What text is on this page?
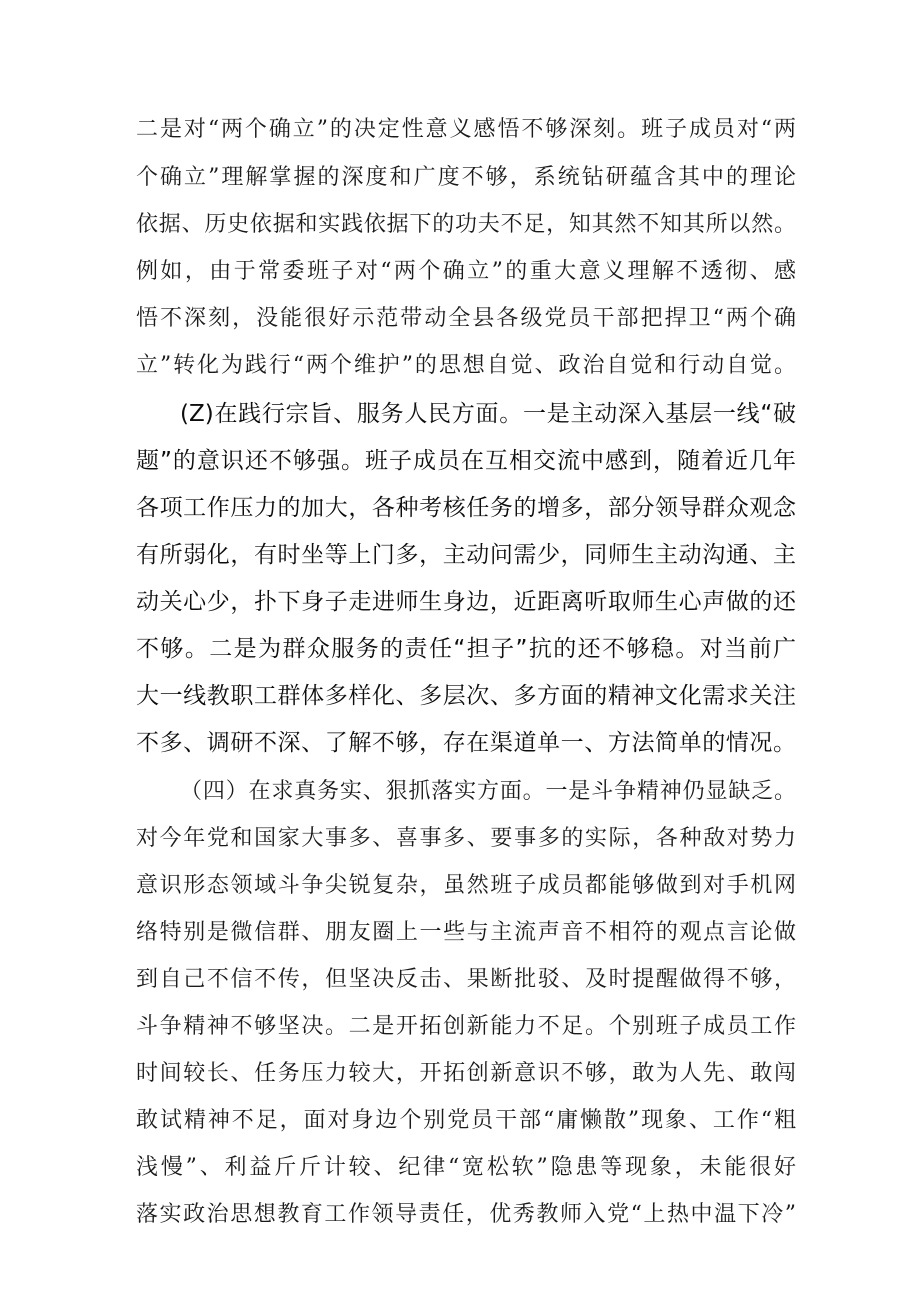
二是对“两个确立”的决定性意义感悟不够深刻。班子成员对“两
个确立”理解掌握的深度和广度不够，系统钻研蕴含其中的理论
依据、历史依据和实践依据下的功夫不足，知其然不知其所以然。
例如，由于常委班子对“两个确立”的重大意义理解不透彻、感
悟不深刻，没能很好示范带动全县各级党员干部把捍卫“两个确
立”转化为践行“两个维护”的思想自觉、政治自觉和行动自觉。
(Z)在践行宗旨、服务人民方面。一是主动深入基层一线“破
题”的意识还不够强。班子成员在互相交流中感到，随着近几年
各项工作压力的加大，各种考核任务的增多，部分领导群众观念
有所弱化，有时坐等上门多，主动问需少，同师生主动沟通、主
动关心少，扑下身子走进师生身边，近距离听取师生心声做的还
不够。二是为群众服务的责任“担子”抗的还不够稳。对当前广
大一线教职工群体多样化、多层次、多方面的精神文化需求关注
不多、调研不深、了解不够，存在渠道单一、方法简单的情况。
（四）在求真务实、狠抓落实方面。一是斗争精神仍显缺乏。
对今年党和国家大事多、喜事多、要事多的实际，各种敌对势力
意识形态领域斗争尖锐复杂，虽然班子成员都能够做到对手机网
络特别是微信群、朋友圈上一些与主流声音不相符的观点言论做
到自己不信不传，但坚决反击、果断批驳、及时提醒做得不够，
斗争精神不够坚决。二是开拓创新能力不足。个别班子成员工作
时间较长、任务压力较大，开拓创新意识不够，敢为人先、敢闯
敢试精神不足，面对身边个别党员干部“庸懒散”现象、工作“粗
浅慢”、利益斤斤计较、纪律“宽松软”隐患等现象，未能很好
落实政治思想教育工作领导责任，优秀教师入党“上热中温下冷”
